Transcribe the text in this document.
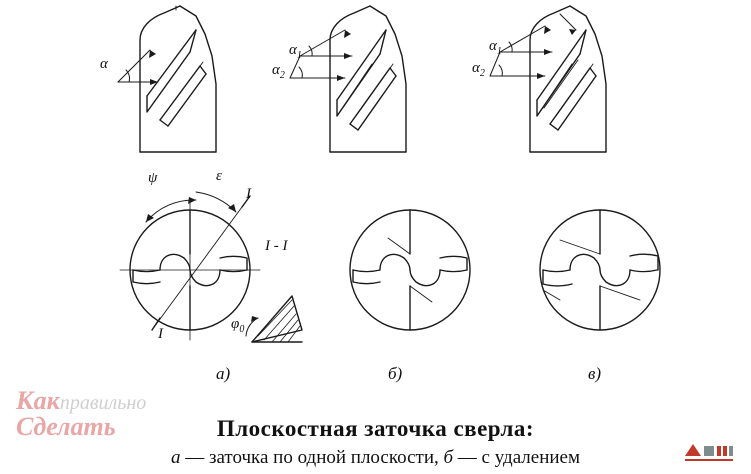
α
$\alpha_1$
$\alpha_2$
$\alpha_1$
$\alpha_2$
ψ	ε
I
I
I - I
$\varphi_0$
а)	б)	в)
Какправильно
Сделать	Плоскостная заточка сверла:
а — заточка по одной плоскости, б — с удалением
